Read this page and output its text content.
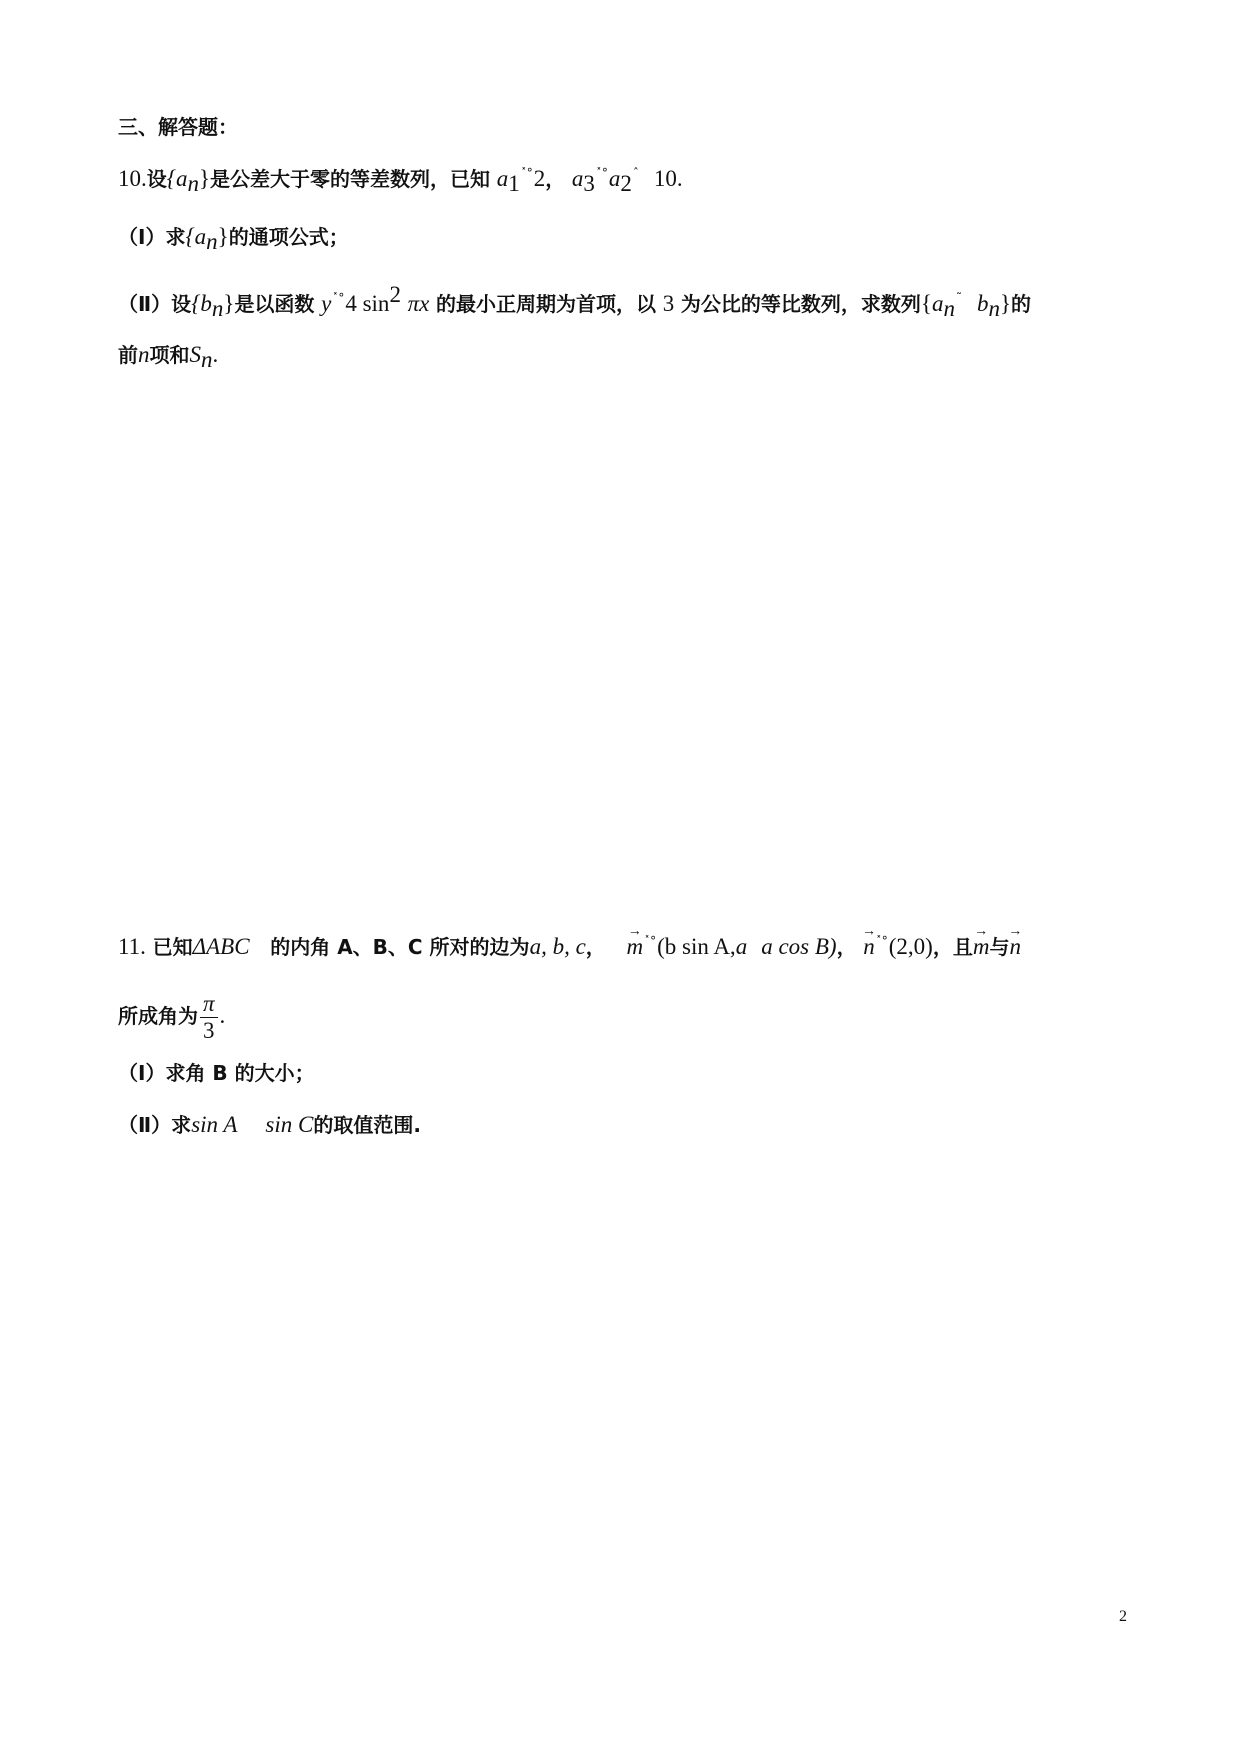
三、解答题：
10.设$\{a_n\}$是公差大于零的等差数列，已知 $a_1^{˟^\circ}2$， $a_3^{˟^\circ}a_2^ˆ$ 10.
（Ⅰ）求$\{a_n\}$的通项公式；
（Ⅱ）设$\{b_n\}$是以函数 y˟°4 $\sin^2 \pi x$ 的最小正周期为首项，以 3 为公比的等比数列，求数列{$a_n^˜$ $b_n$}的
前n项和$S_n$.
11. 已知ΔABC 的内角 A、B、C 所对的边为a, b, c， → m˟°(b sin A,a a cos B)， → n˟°(2,0)，且→ m与→ n
所成角为 $\frac{\pi}{3}$ .
（Ⅰ）求角 B 的大小；
（Ⅱ）求sin A sin C的取值范围.
2
